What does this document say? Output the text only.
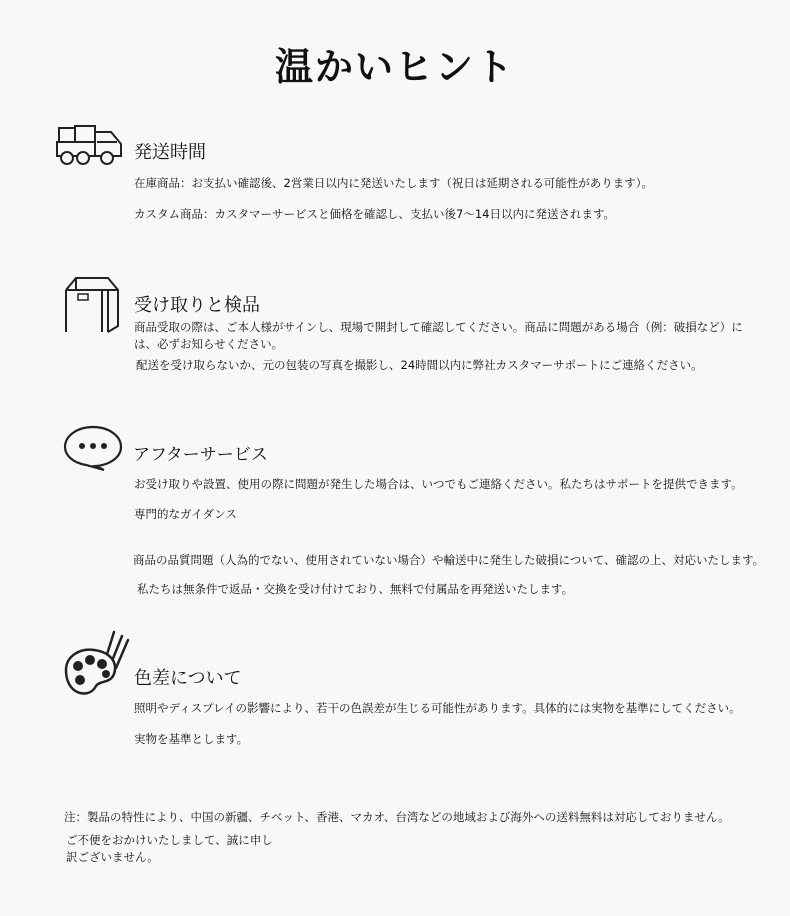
温かいヒント
発送時間
在庫商品：お支払い確認後、2営業日以内に発送いたします（祝日は延期される可能性があります）。
カスタム商品：カスタマーサービスと価格を確認し、支払い後7〜14日以内に発送されます。
受け取りと検品
商品受取の際は、ご本人様がサインし、現場で開封して確認してください。商品に問題がある場合（例：破損など）には、必ずお知らせください。
配送を受け取らないか、元の包装の写真を撮影し、24時間以内に弊社カスタマーサポートにご連絡ください。
アフターサービス
お受け取りや設置、使用の際に問題が発生した場合は、いつでもご連絡ください。私たちはサポートを提供できます。
専門的なガイダンス
商品の品質問題（人為的でない、使用されていない場合）や輸送中に発生した破損について、確認の上、対応いたします。
私たちは無条件で返品・交換を受け付けており、無料で付属品を再発送いたします。
色差について
照明やディスプレイの影響により、若干の色誤差が生じる可能性があります。具体的には実物を基準にしてください。
実物を基準とします。
注：製品の特性により、中国の新疆、チベット、香港、マカオ、台湾などの地域および海外への送料無料は対応しておりません。
ご不便をおかけいたしまして、誠に申し訳ございません。
